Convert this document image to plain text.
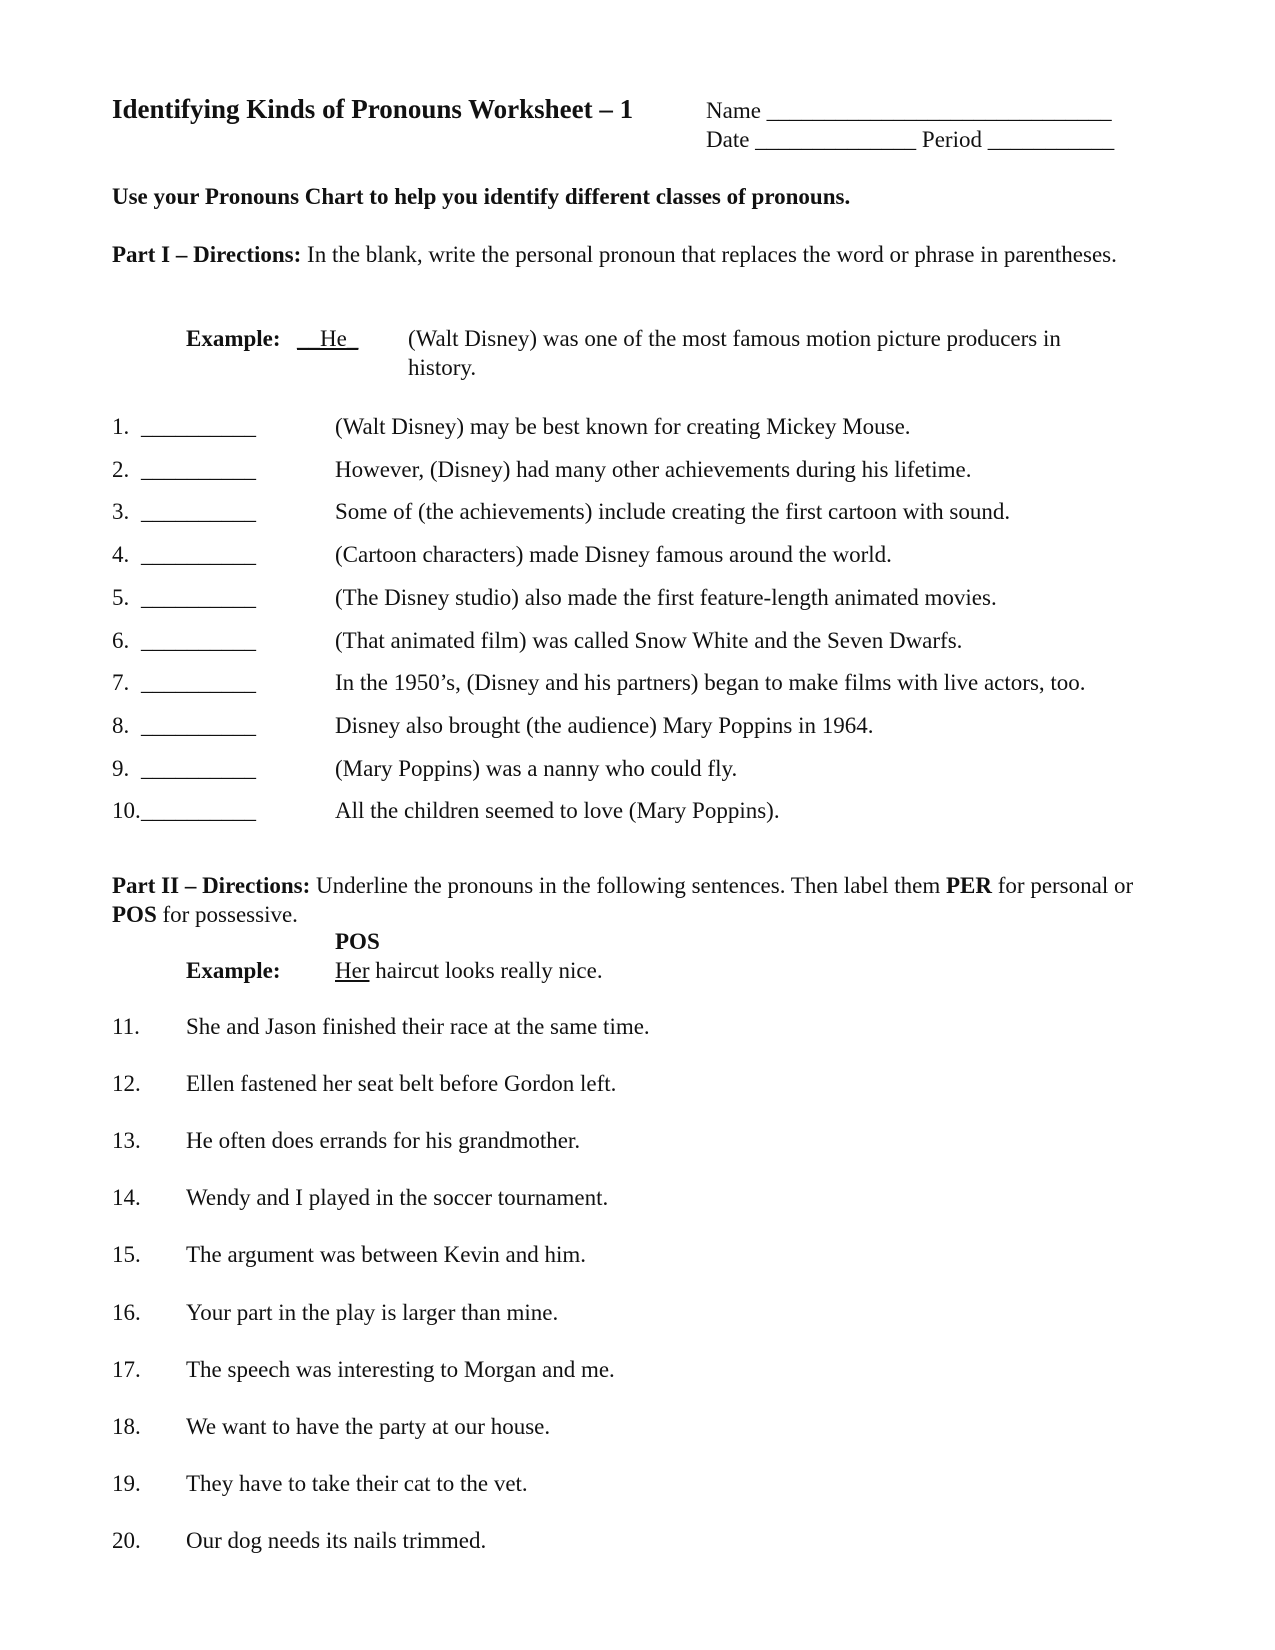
Identifying Kinds of Pronouns Worksheet – 1	Name ______________________________
Date ______________ Period ___________
Use your Pronouns Chart to help you identify different classes of pronouns.
Part I – Directions: In the blank, write the personal pronoun that replaces the word or phrase in parentheses.
Example: __He_ (Walt Disney) was one of the most famous motion picture producers in
history.
1. __________	(Walt Disney) may be best known for creating Mickey Mouse.
2. __________	However, (Disney) had many other achievements during his lifetime.
3. __________	Some of (the achievements) include creating the first cartoon with sound.
4. __________	(Cartoon characters) made Disney famous around the world.
5. __________	(The Disney studio) also made the first feature-length animated movies.
6. __________	(That animated film) was called Snow White and the Seven Dwarfs.
7. __________	In the 1950’s, (Disney and his partners) began to make films with live actors, too.
8. __________	Disney also brought (the audience) Mary Poppins in 1964.
9. __________	(Mary Poppins) was a nanny who could fly.
10. __________	All the children seemed to love (Mary Poppins).
Part II – Directions: Underline the pronouns in the following sentences. Then label them PER for personal or POS for possessive.
POS
Example: Her haircut looks really nice.
11. She and Jason finished their race at the same time.
12. Ellen fastened her seat belt before Gordon left.
13. He often does errands for his grandmother.
14. Wendy and I played in the soccer tournament.
15. The argument was between Kevin and him.
16. Your part in the play is larger than mine.
17. The speech was interesting to Morgan and me.
18. We want to have the party at our house.
19. They have to take their cat to the vet.
20. Our dog needs its nails trimmed.
